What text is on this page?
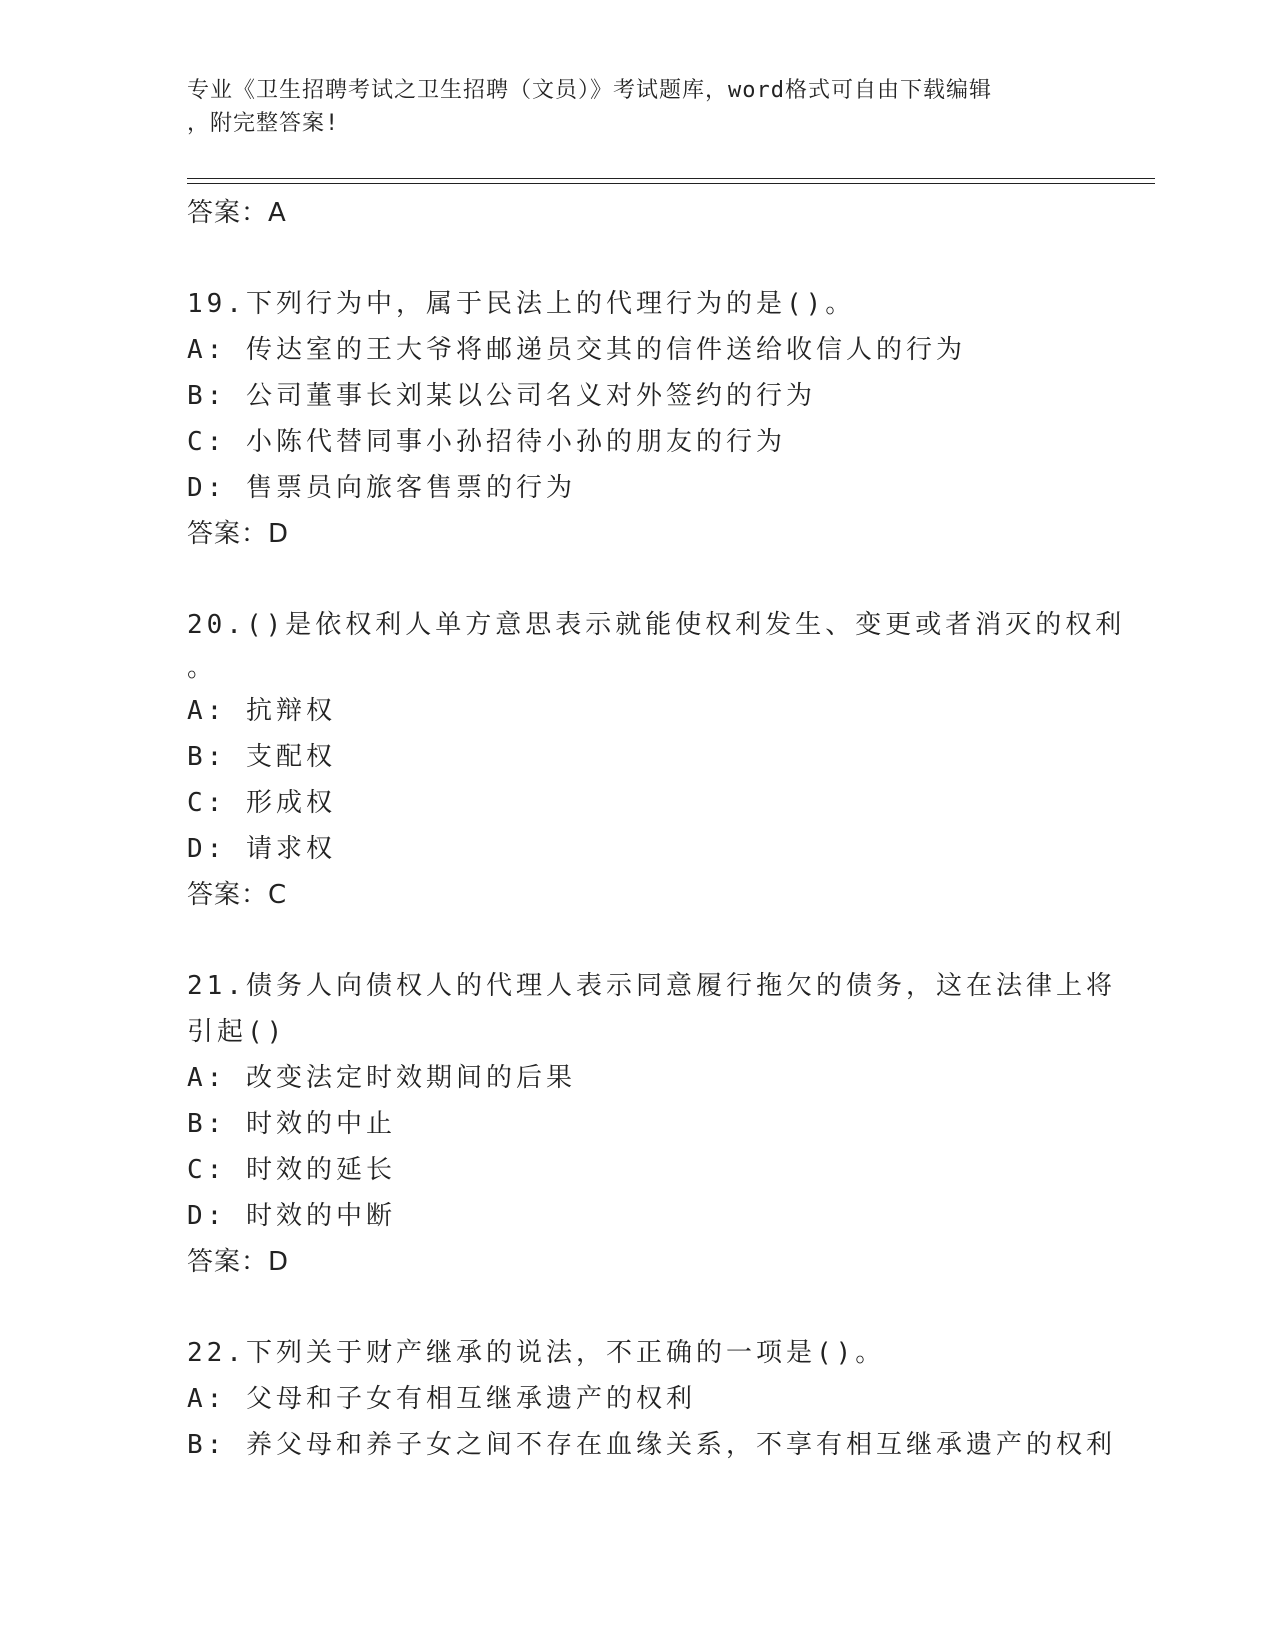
专业《卫生招聘考试之卫生招聘（文员）》考试题库，word格式可自由下载编辑
，附完整答案!
答案：A
19.下列行为中，属于民法上的代理行为的是()。
A: 传达室的王大爷将邮递员交其的信件送给收信人的行为
B: 公司董事长刘某以公司名义对外签约的行为
C: 小陈代替同事小孙招待小孙的朋友的行为
D: 售票员向旅客售票的行为
答案：D
20.()是依权利人单方意思表示就能使权利发生、变更或者消灭的权利
。
A: 抗辩权
B: 支配权
C: 形成权
D: 请求权
答案：C
21.债务人向债权人的代理人表示同意履行拖欠的债务，这在法律上将
引起()
A: 改变法定时效期间的后果
B: 时效的中止
C: 时效的延长
D: 时效的中断
答案：D
22.下列关于财产继承的说法，不正确的一项是()。
A: 父母和子女有相互继承遗产的权利
B: 养父母和养子女之间不存在血缘关系，不享有相互继承遗产的权利
